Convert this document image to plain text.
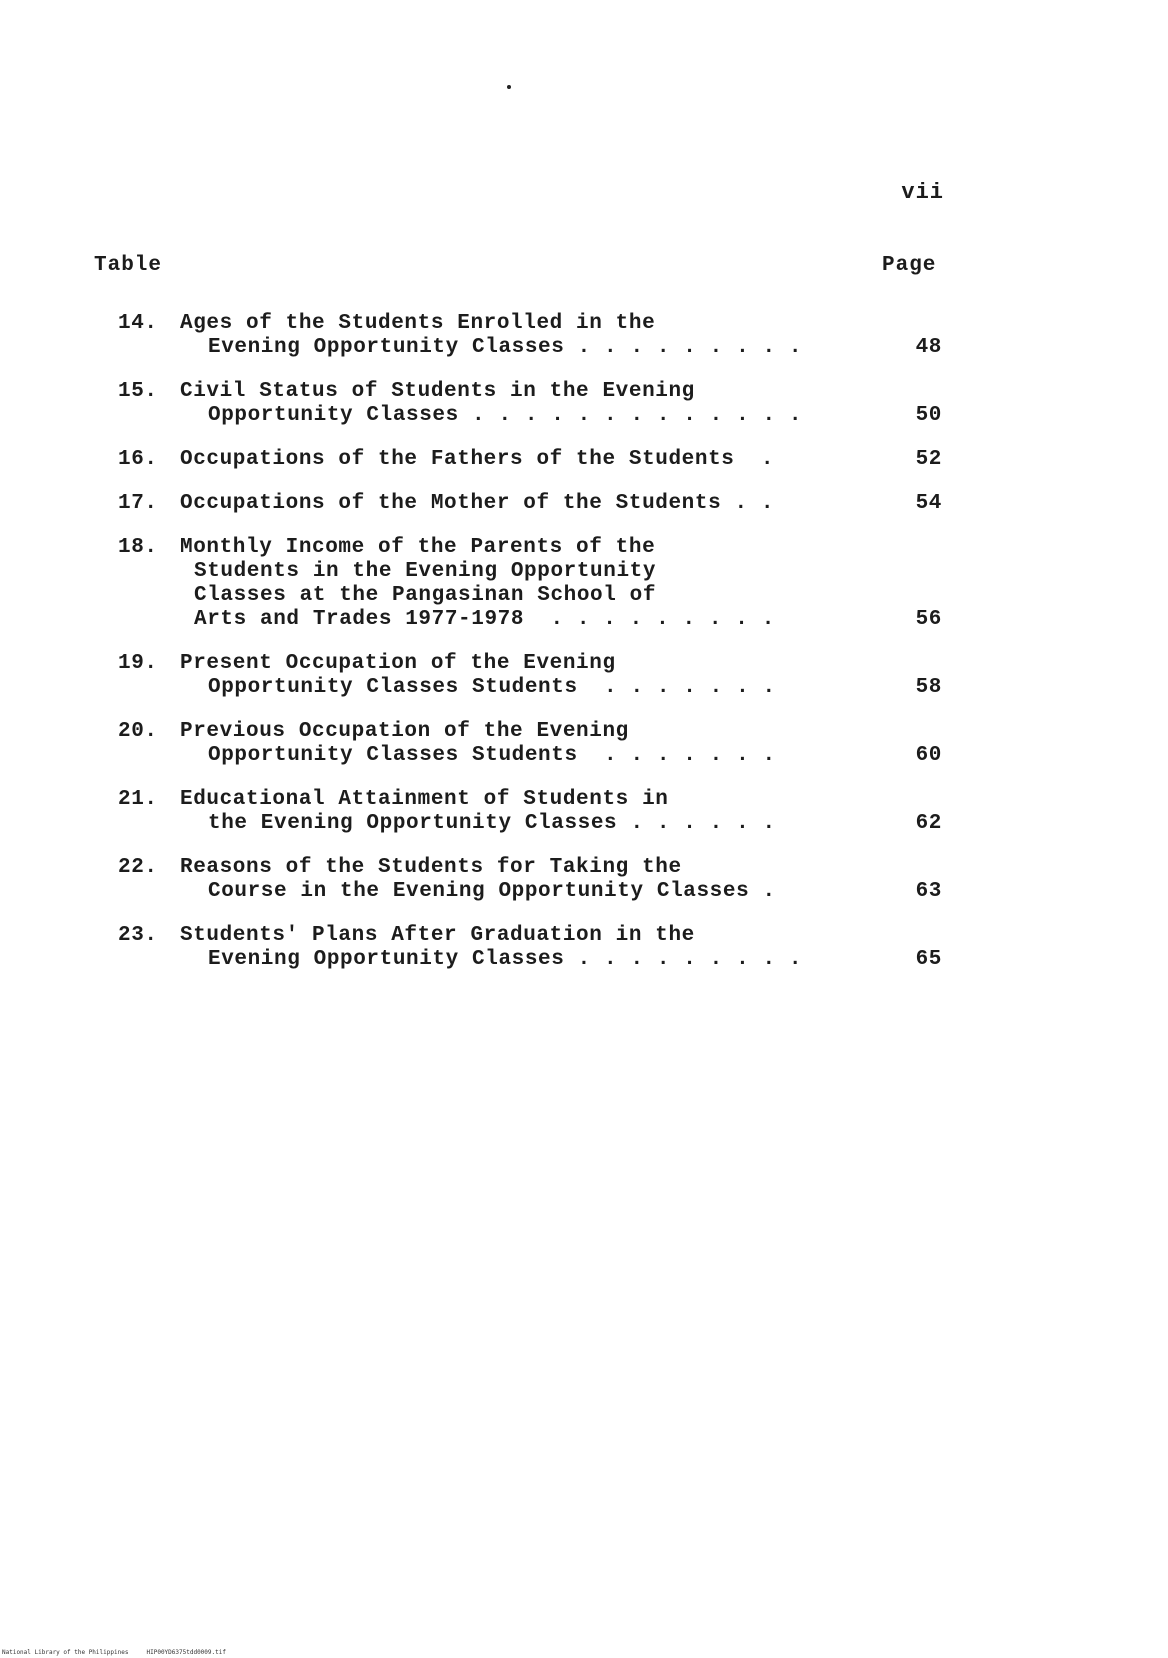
vii
Table	Page
14.	Ages of the Students Enrolled in the
Evening Opportunity Classes . . . . . . . . .	48
15.	Civil Status of Students in the Evening
Opportunity Classes . . . . . . . . . . . . .	50
16.	Occupations of the Fathers of the Students  .	52
17.	Occupations of the Mother of the Students . .	54
18.	Monthly Income of the Parents of the
Students in the Evening Opportunity
Classes at the Pangasinan School of
Arts and Trades 1977-1978  . . . . . . . . .	56
19.	Present Occupation of the Evening
Opportunity Classes Students  . . . . . . .	58
20.	Previous Occupation of the Evening
Opportunity Classes Students  . . . . . . .	60
21.	Educational Attainment of Students in
the Evening Opportunity Classes . . . . . .	62
22.	Reasons of the Students for Taking the
Course in the Evening Opportunity Classes .	63
23.	Students' Plans After Graduation in the
Evening Opportunity Classes . . . . . . . . .	65
National Library of the Philippines	HIP00YD6375tdd0009.tif
